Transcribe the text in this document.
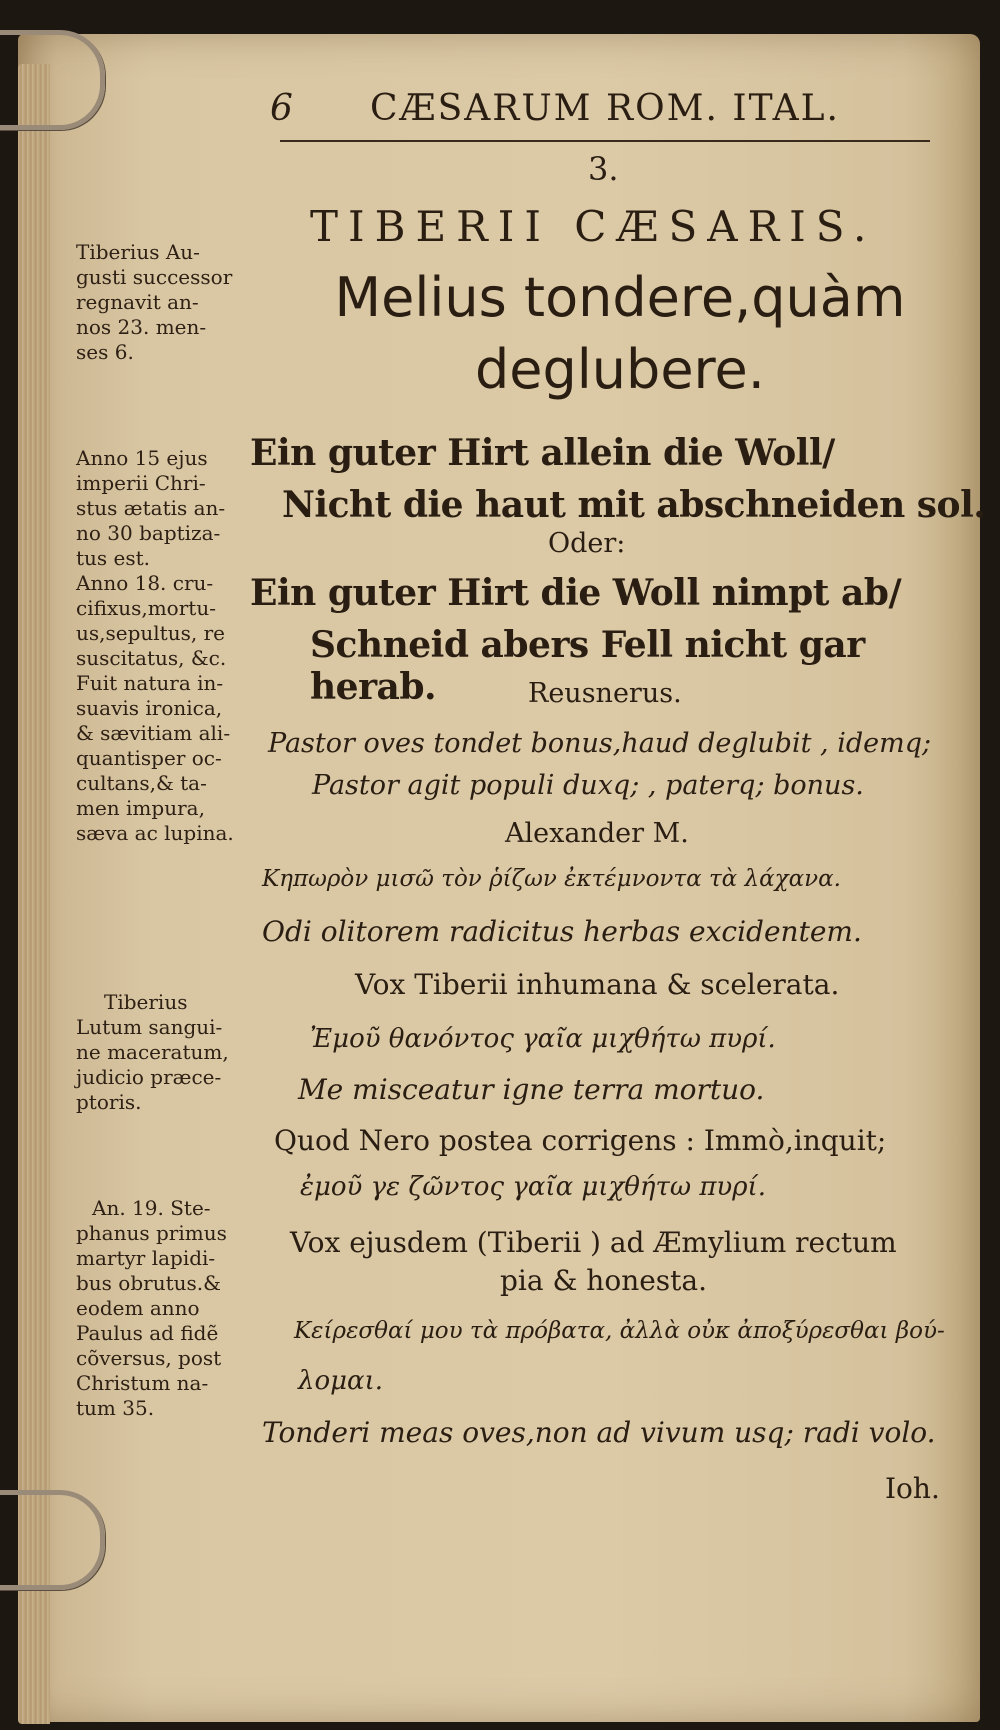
6 CÆSARUM ROM. ITAL.
3.
TIBERII CÆSARIS.
Melius tondere,quàm
deglubere.
Ein guter Hirt allein die Woll/
Nicht die haut mit abschneiden sol.
Oder:
Ein guter Hirt die Woll nimpt ab/
Schneid abers Fell nicht gar herab.	Reusnerus.
Pastor oves tondet bonus,haud deglubit , idemq;
Pastor agit populi duxq; , paterq; bonus.
Alexander M.
Κηπωρὸν μισῶ τὸν ῥίζων ἐκτέμνοντα τὰ λάχανα.
Odi olitorem radicitus herbas excidentem.
Vox Tiberii inhumana & scelerata.
Ἐμοῦ θανόντος γαῖα μιχθήτω πυρί.
Me misceatur igne terra mortuo.
Quod Nero postea corrigens : Immò,inquit;
ἐμοῦ γε ζῶντος γαῖα μιχθήτω πυρί.
Vox ejusdem (Tiberii ) ad Æmylium rectum
pia & honesta.
Κείρεσθαί μου τὰ πρόβατα, ἀλλὰ οὐκ ἀποξύρεσθαι βού-
λομαι.
Tonderi meas oves,non ad vivum usq; radi volo.
Ioh.
Tiberius Au-
gusti successor
regnavit an-
nos 23. men-
ses 6.
Anno 15 ejus
imperii Chri-
stus ætatis an-
no 30 baptiza-
tus est.
Anno 18. cru-
cifixus,mortu-
us,sepultus, re
suscitatus, &c.
Fuit natura in-
suavis ironica,
& sævitiam ali-
quantisper oc-
cultans,& ta-
men impura,
sæva ac lupina.
Tiberius
Lutum sangui-
ne maceratum,
judicio præce-
ptoris.
An. 19. Ste-
phanus primus
martyr lapidi-
bus obrutus.&
eodem anno
Paulus ad fidẽ
cõversus, post
Christum na-
tum 35.
